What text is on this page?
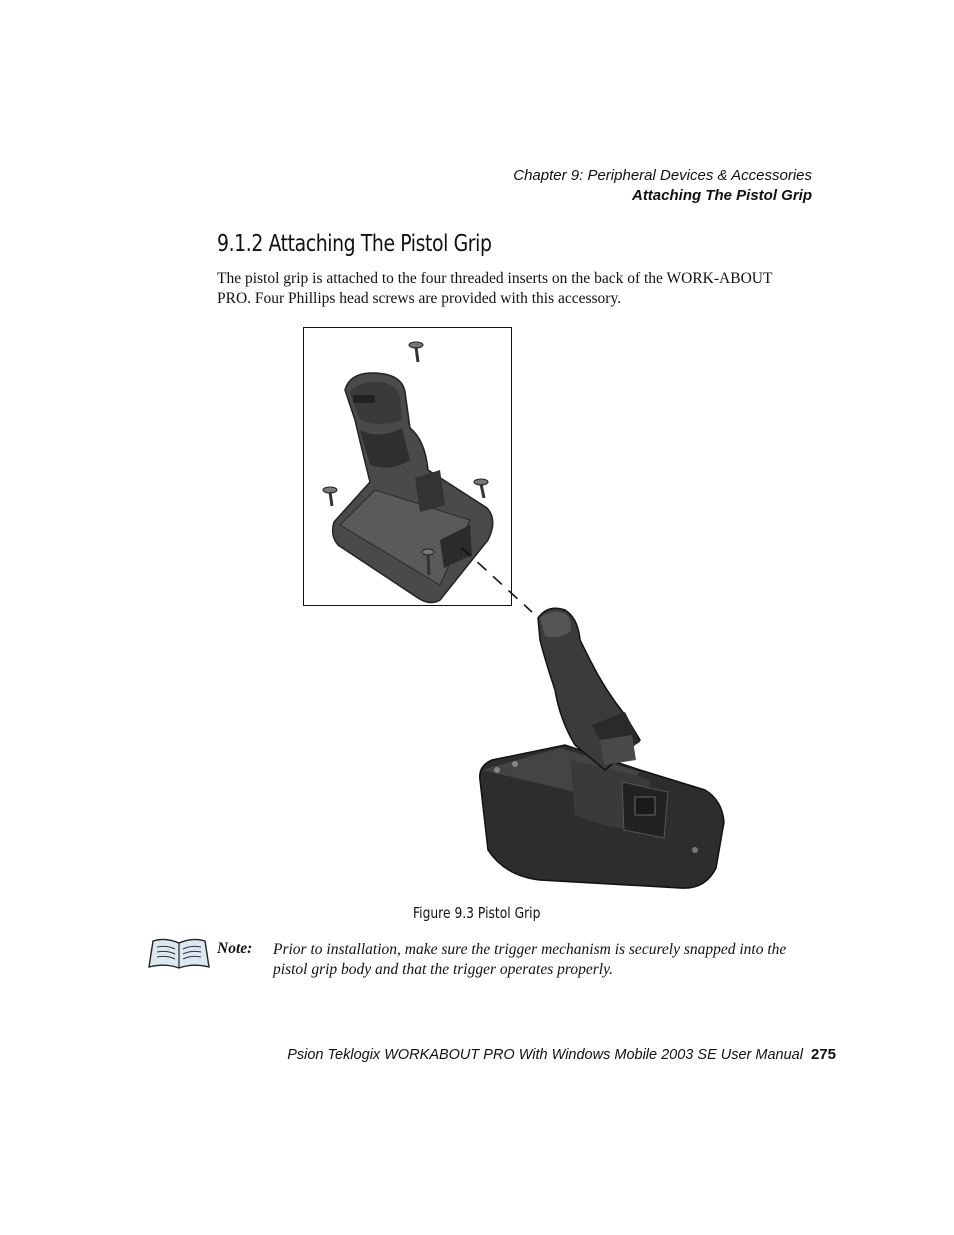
Chapter 9: Peripheral Devices & Accessories
Attaching The Pistol Grip
9.1.2 Attaching The Pistol Grip

The pistol grip is attached to the four threaded inserts on the back of the WORK-ABOUT PRO. Four Phillips head screws are provided with this accessory.

Figure 9.3 Pistol Grip
Note: Prior to installation, make sure the trigger mechanism is securely snapped into the pistol grip body and that the trigger operates properly.

Psion Teklogix WORKABOUT PRO With Windows Mobile 2003 SE User Manual 275
